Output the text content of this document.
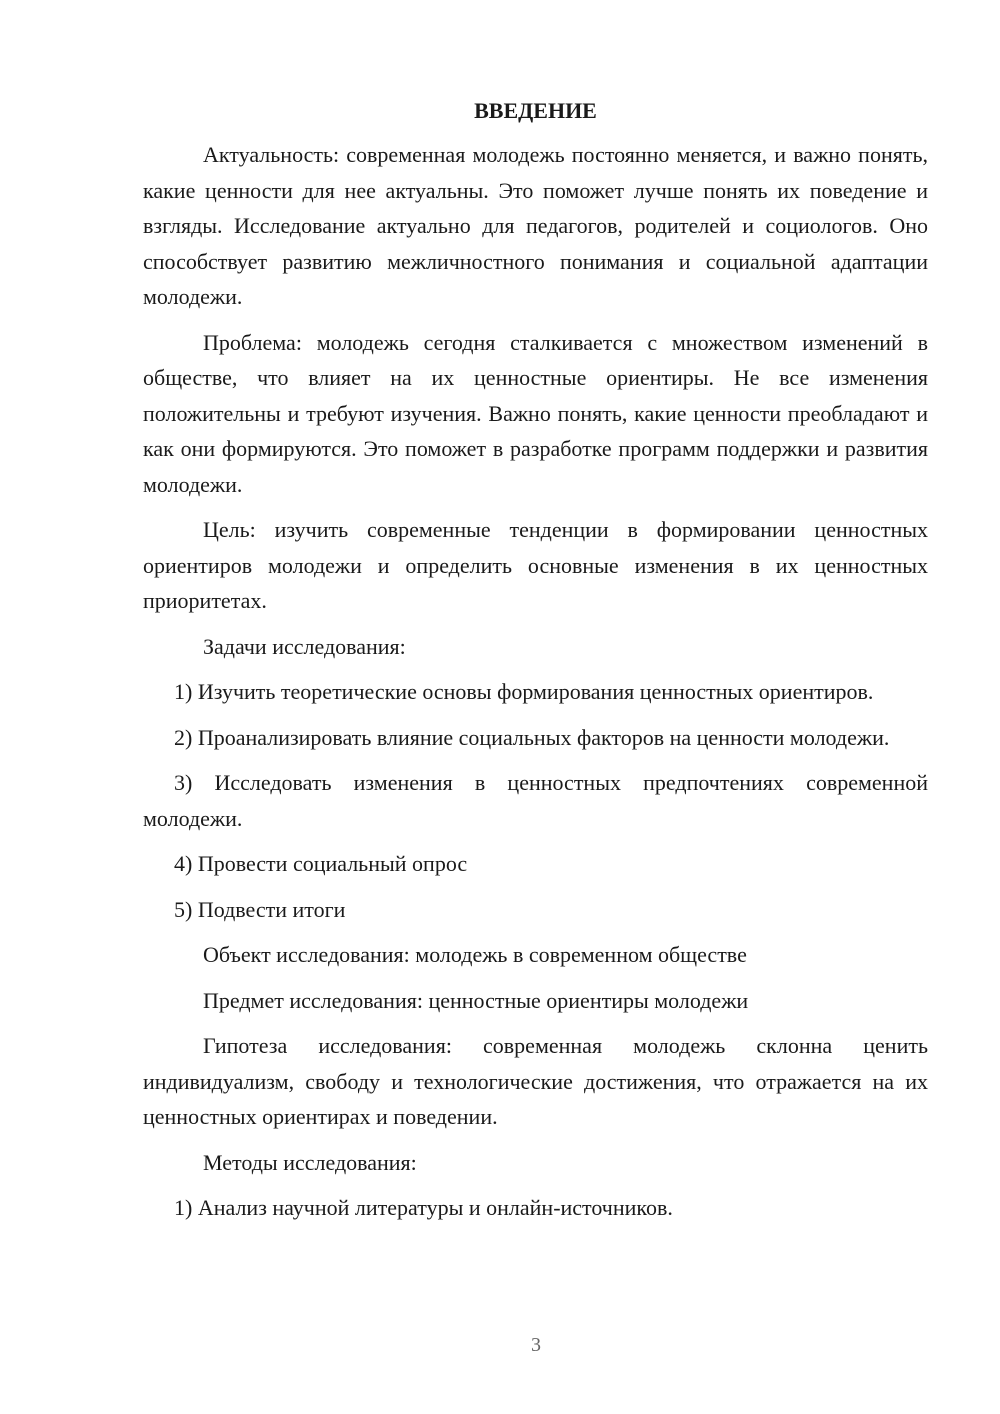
ВВЕДЕНИЕ
Актуальность: современная молодежь постоянно меняется, и важно понять, какие ценности для нее актуальны. Это поможет лучше понять их поведение и взгляды. Исследование актуально для педагогов, родителей и социологов. Оно способствует развитию межличностного понимания и социальной адаптации молодежи.
Проблема: молодежь сегодня сталкивается с множеством изменений в обществе, что влияет на их ценностные ориентиры. Не все изменения положительны и требуют изучения. Важно понять, какие ценности преобладают и как они формируются. Это поможет в разработке программ поддержки и развития молодежи.
Цель: изучить современные тенденции в формировании ценностных ориентиров молодежи и определить основные изменения в их ценностных приоритетах.
Задачи исследования:
1) Изучить теоретические основы формирования ценностных ориентиров.
2) Проанализировать влияние социальных факторов на ценности молодежи.
3) Исследовать изменения в ценностных предпочтениях современной молодежи.
4) Провести социальный опрос
5) Подвести итоги
Объект исследования: молодежь в современном обществе
Предмет исследования: ценностные ориентиры молодежи
Гипотеза исследования: современная молодежь склонна ценить индивидуализм, свободу и технологические достижения, что отражается на их ценностных ориентирах и поведении.
Методы исследования:
1) Анализ научной литературы и онлайн-источников.
3
